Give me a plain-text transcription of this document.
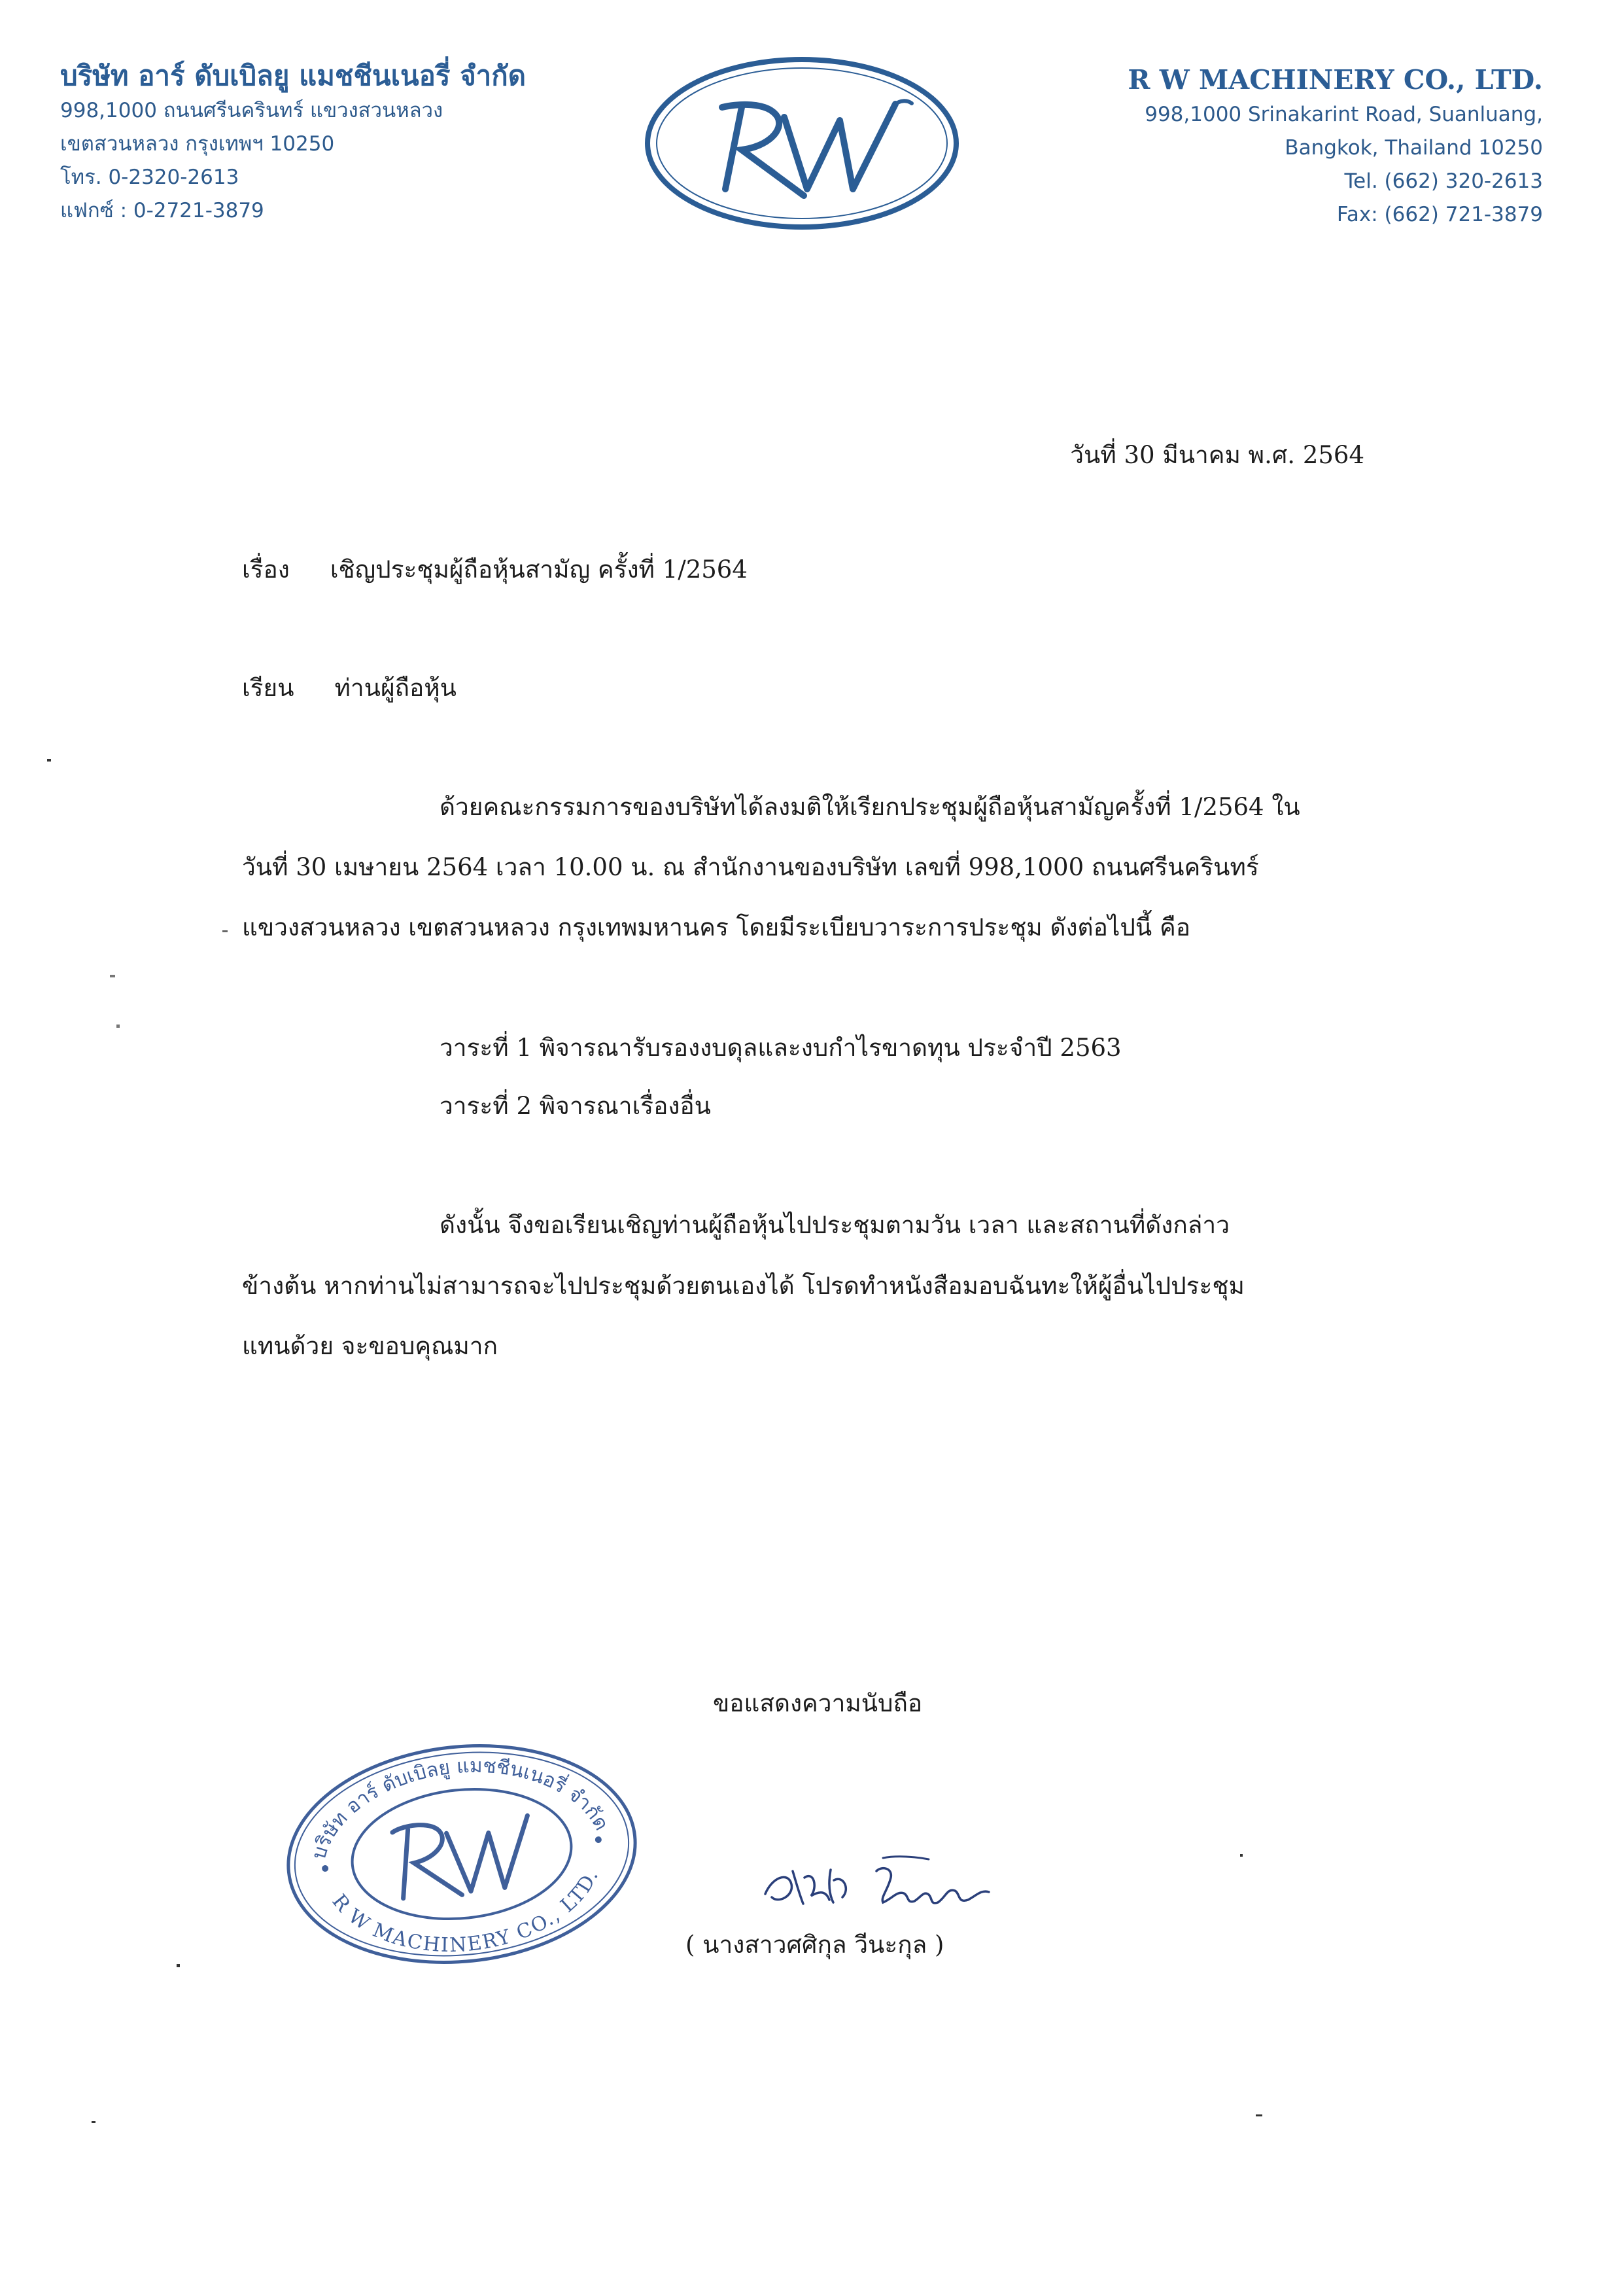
บริษัท อาร์ ดับเบิลยู แมชชีนเนอรี่ จำกัด
998,1000 ถนนศรีนครินทร์ แขวงสวนหลวง
เขตสวนหลวง กรุงเทพฯ 10250
โทร. 0-2320-2613
แฟกซ์ : 0-2721-3879
R W MACHINERY CO., LTD.
998,1000 Srinakarint Road, Suanluang,
Bangkok, Thailand 10250
Tel. (662) 320-2613
Fax: (662) 721-3879
วันที่ 30 มีนาคม พ.ศ. 2564
เรื่อง เชิญประชุมผู้ถือหุ้นสามัญ ครั้งที่ 1/2564
เรียน ท่านผู้ถือหุ้น
ด้วยคณะกรรมการของบริษัทได้ลงมติให้เรียกประชุมผู้ถือหุ้นสามัญครั้งที่ 1/2564 ใน
วันที่ 30 เมษายน 2564 เวลา 10.00 น. ณ สำนักงานของบริษัท เลขที่ 998,1000 ถนนศรีนครินทร์
แขวงสวนหลวง เขตสวนหลวง กรุงเทพมหานคร โดยมีระเบียบวาระการประชุม ดังต่อไปนี้ คือ
วาระที่ 1 พิจารณารับรองงบดุลและงบกำไรขาดทุน ประจำปี 2563
วาระที่ 2 พิจารณาเรื่องอื่น
ดังนั้น จึงขอเรียนเชิญท่านผู้ถือหุ้นไปประชุมตามวัน เวลา และสถานที่ดังกล่าว
ข้างต้น หากท่านไม่สามารถจะไปประชุมด้วยตนเองได้ โปรดทำหนังสือมอบฉันทะให้ผู้อื่นไปประชุม
แทนด้วย จะขอบคุณมาก
ขอแสดงความนับถือ
บริษัท อาร์ ดับเบิลยู แมชชีนเนอรี่ จำกัด
R W MACHINERY CO., LTD.
( นางสาวศศิกุล วีนะกุล )
